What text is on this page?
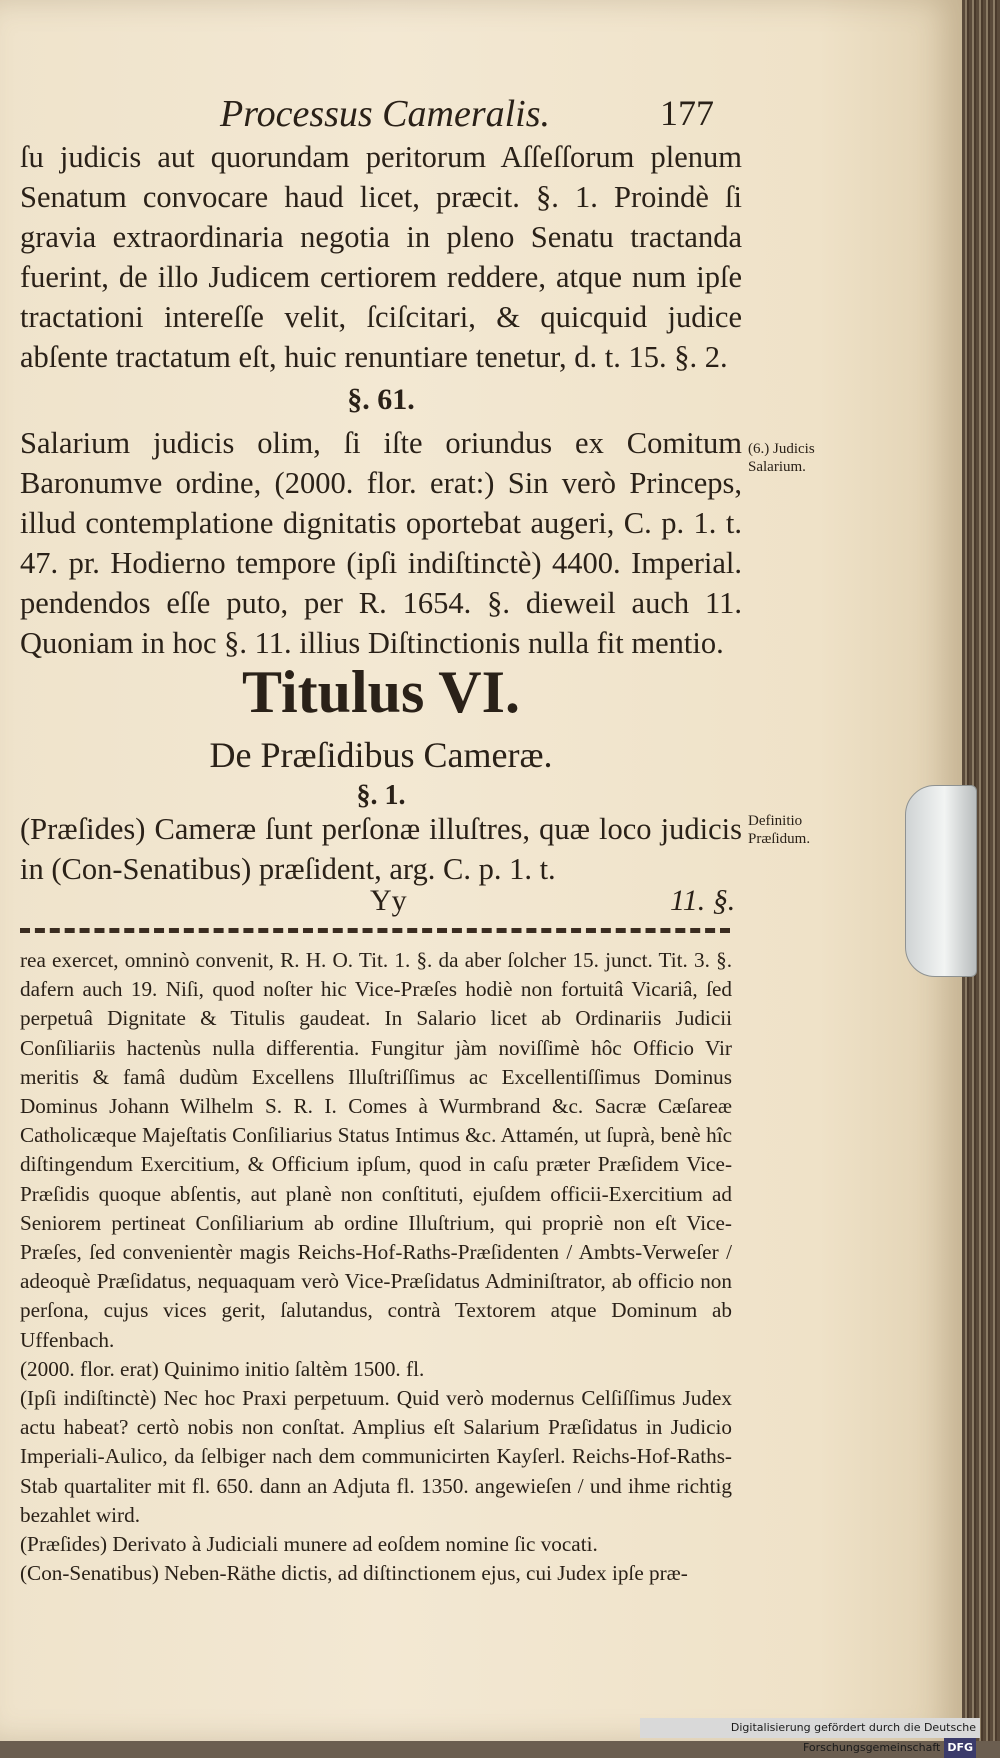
Processus Cameralis.	177
ſu judicis aut quorundam peritorum Aſſeſſorum plenum Senatum convocare haud licet, præcit. §. 1. Proindè ſi gravia extraordinaria negotia in pleno Senatu tractanda fuerint, de illo Judicem certiorem reddere, atque num ipſe tractationi intereſſe velit, ſciſcitari, & quicquid judice abſente tractatum eſt, huic renuntiare tenetur, d. t. 15. §. 2.
§. 61.
Salarium judicis olim, ſi iſte oriundus ex Comitum Baronumve ordine, (2000. flor. erat:) Sin verò Princeps, illud contemplatione dignitatis oportebat augeri, C. p. 1. t. 47. pr. Hodierno tempore (ipſi indiſtinctè) 4400. Imperial. pendendos eſſe puto, per R. 1654. §. dieweil auch 11. Quoniam in hoc §. 11. illius Diſtinctionis nulla fit mentio.
(6.) Judicis Salarium.
Titulus VI.
De Præſidibus Cameræ.
§. 1.
(Præſides) Cameræ ſunt perſonæ illuſtres, quæ loco judicis in (Con-Senatibus) præſident, arg. C. p. 1. t.
Definitio Præſidum.
Yy	11. §.

rea exercet, omninò convenit, R. H. O. Tit. 1. §. da aber ſolcher 15. junct. Tit. 3. §. dafern auch 19. Niſi, quod noſter hic Vice-Præſes hodiè non fortuitâ Vicariâ, ſed perpetuâ Dignitate & Titulis gaudeat. In Salario licet ab Ordinariis Judicii Conſiliariis hactenùs nulla differentia. Fungitur jàm noviſſimè hôc Officio Vir meritis & famâ dudùm Excellens Illuſtriſſimus ac Excellentiſſimus Dominus Dominus Johann Wilhelm S. R. I. Comes à Wurmbrand &c. Sacræ Cæſareæ Catholicæque Majeſtatis Conſiliarius Status Intimus &c. Attamén, ut ſuprà, benè hîc diſtingendum Exercitium, & Officium ipſum, quod in caſu præter Præſidem Vice-Præſidis quoque abſentis, aut planè non conſtituti, ejuſdem officii-Exercitium ad Seniorem pertineat Conſiliarium ab ordine Illuſtrium, qui propriè non eſt Vice-Præſes, ſed convenientèr magis Reichs-Hof-Raths-Præſidenten / Ambts-Verweſer / adeoquè Præſidatus, nequaquam verò Vice-Præſidatus Adminiſtrator, ab officio non perſona, cujus vices gerit, ſalutandus, contrà Textorem atque Dominum ab Uffenbach.

(2000. flor. erat) Quinimo initio ſaltèm 1500. fl.

(Ipſi indiſtinctè) Nec hoc Praxi perpetuum. Quid verò modernus Celſiſſimus Judex actu habeat? certò nobis non conſtat. Amplius eſt Salarium Præſidatus in Judicio Imperiali-Aulico, da ſelbiger nach dem communicirten Kayſerl. Reichs-Hof-Raths-Stab quartaliter mit fl. 650. dann an Adjuta fl. 1350. angewieſen / und ihme richtig bezahlet wird.

(Præſides) Derivato à Judiciali munere ad eoſdem nomine ſic vocati.

(Con-Senatibus) Neben-Räthe dictis, ad diſtinctionem ejus, cui Judex ipſe præ-

Digitalisierung gefördert durch die Deutsche Forschungsgemeinschaft DFG
